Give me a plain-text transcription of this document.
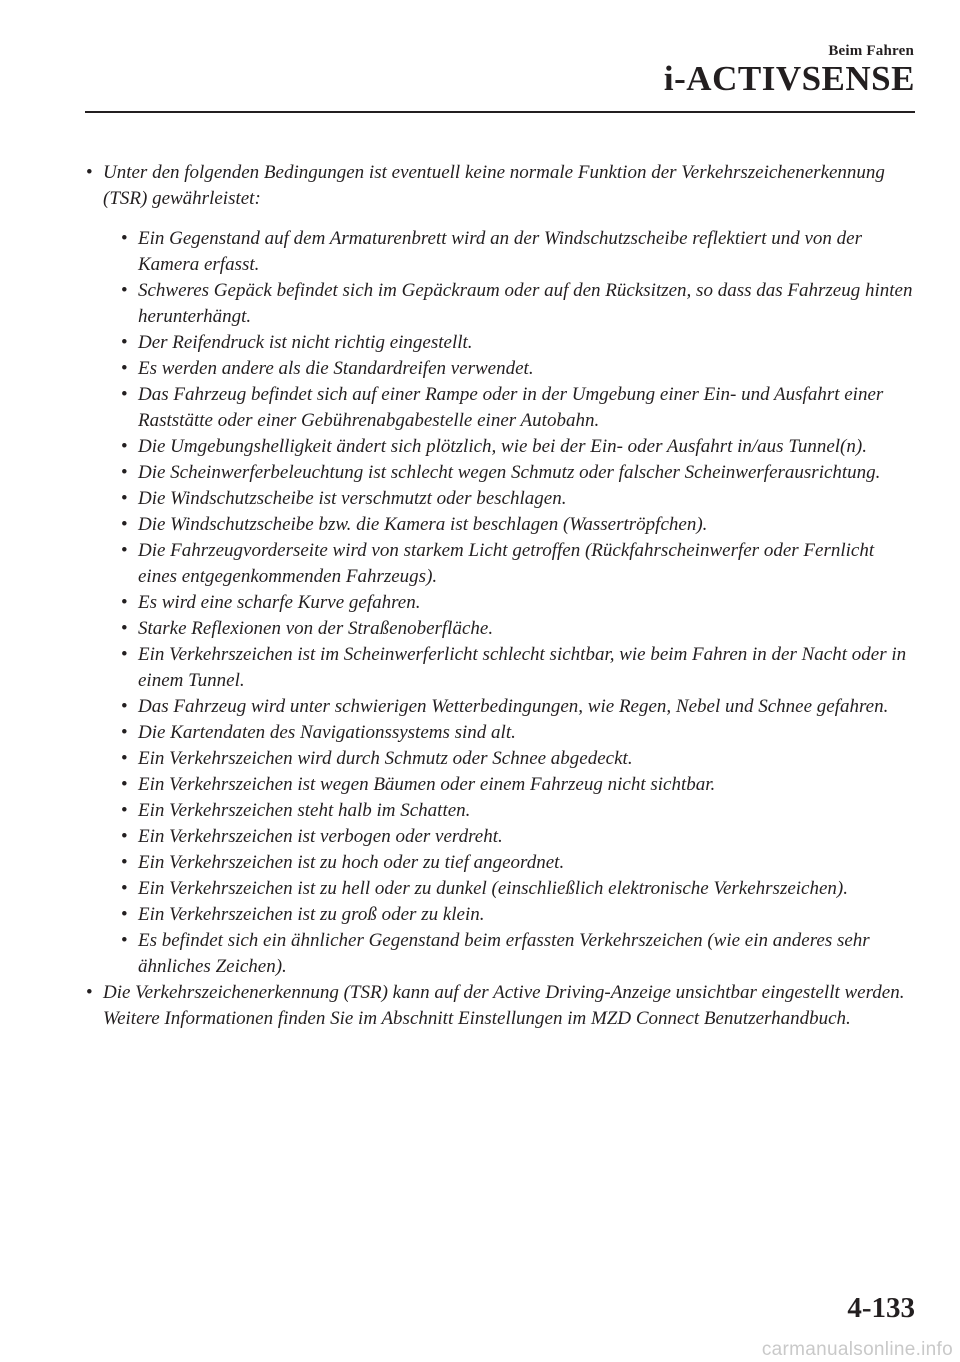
Beim Fahren
i-ACTIVSENSE
• Unter den folgenden Bedingungen ist eventuell keine normale Funktion der Verkehrszeichenerkennung (TSR) gewährleistet:
• Ein Gegenstand auf dem Armaturenbrett wird an der Windschutzscheibe reflektiert und von der Kamera erfasst.
• Schweres Gepäck befindet sich im Gepäckraum oder auf den Rücksitzen, so dass das Fahrzeug hinten herunterhängt.
• Der Reifendruck ist nicht richtig eingestellt.
• Es werden andere als die Standardreifen verwendet.
• Das Fahrzeug befindet sich auf einer Rampe oder in der Umgebung einer Ein- und Ausfahrt einer Raststätte oder einer Gebührenabgabestelle einer Autobahn.
• Die Umgebungshelligkeit ändert sich plötzlich, wie bei der Ein- oder Ausfahrt in/aus Tunnel(n).
• Die Scheinwerferbeleuchtung ist schlecht wegen Schmutz oder falscher Scheinwerferausrichtung.
• Die Windschutzscheibe ist verschmutzt oder beschlagen.
• Die Windschutzscheibe bzw. die Kamera ist beschlagen (Wassertröpfchen).
• Die Fahrzeugvorderseite wird von starkem Licht getroffen (Rückfahrscheinwerfer oder Fernlicht eines entgegenkommenden Fahrzeugs).
• Es wird eine scharfe Kurve gefahren.
• Starke Reflexionen von der Straßenoberfläche.
• Ein Verkehrszeichen ist im Scheinwerferlicht schlecht sichtbar, wie beim Fahren in der Nacht oder in einem Tunnel.
• Das Fahrzeug wird unter schwierigen Wetterbedingungen, wie Regen, Nebel und Schnee gefahren.
• Die Kartendaten des Navigationssystems sind alt.
• Ein Verkehrszeichen wird durch Schmutz oder Schnee abgedeckt.
• Ein Verkehrszeichen ist wegen Bäumen oder einem Fahrzeug nicht sichtbar.
• Ein Verkehrszeichen steht halb im Schatten.
• Ein Verkehrszeichen ist verbogen oder verdreht.
• Ein Verkehrszeichen ist zu hoch oder zu tief angeordnet.
• Ein Verkehrszeichen ist zu hell oder zu dunkel (einschließlich elektronische Verkehrszeichen).
• Ein Verkehrszeichen ist zu groß oder zu klein.
• Es befindet sich ein ähnlicher Gegenstand beim erfassten Verkehrszeichen (wie ein anderes sehr ähnliches Zeichen).
• Die Verkehrszeichenerkennung (TSR) kann auf der Active Driving-Anzeige unsichtbar eingestellt werden.
Weitere Informationen finden Sie im Abschnitt Einstellungen im MZD Connect Benutzerhandbuch.
4-133
carmanualsonline.info
